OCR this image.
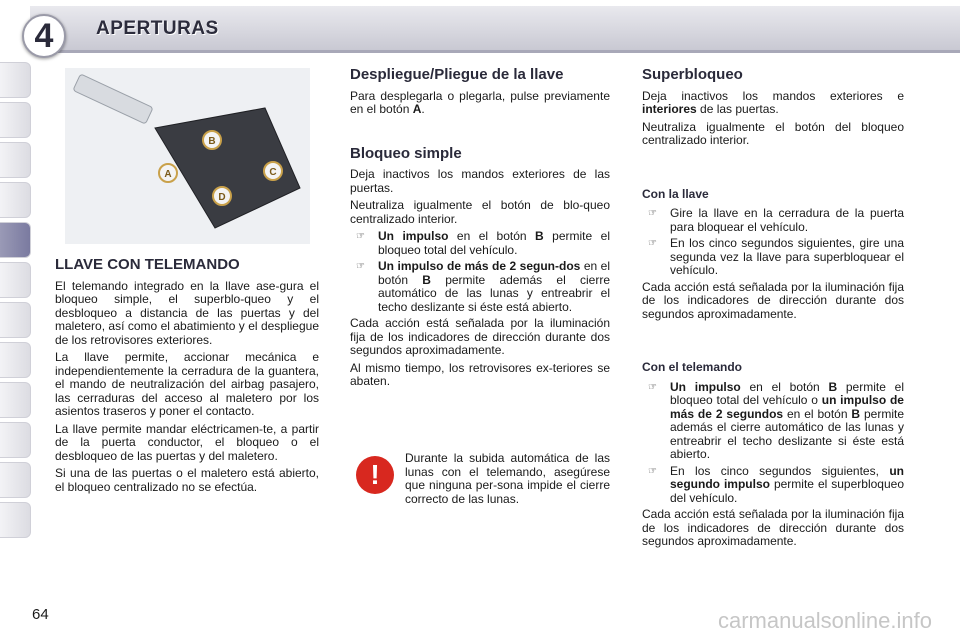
4	APERTURAS
B
A	C
D
LLAVE CON TELEMANDO

El telemando integrado en la llave ase-gura el bloqueo simple, el superblo-queo y el desbloqueo a distancia de las puertas y del maletero, así como el abatimiento y el despliegue de los retrovisores exteriores.

La llave permite, accionar mecánica e independientemente la cerradura de la guantera, el mando de neutralización del airbag pasajero, las cerraduras del acceso al maletero por los asientos traseros y poner el contacto.

La llave permite mandar eléctricamen-te, a partir de la puerta conductor, el bloqueo o el desbloqueo de las puertas y del maletero.

Si una de las puertas o el maletero está abierto, el bloqueo centralizado no se efectúa.

Despliegue/Pliegue de la llave

Para desplegarla o plegarla, pulse previamente en el botón A.

Bloqueo simple

Deja inactivos los mandos exteriores de las puertas.

Neutraliza igualmente el botón de blo-queo centralizado interior.

☞ Un impulso en el botón B permite el bloqueo total del vehículo.
☞ Un impulso de más de 2 segun-dos en el botón B permite además el cierre automático de las lunas y entreabrir el techo deslizante si éste está abierto.

Cada acción está señalada por la iluminación fija de los indicadores de dirección durante dos segundos aproximadamente.

Al mismo tiempo, los retrovisores ex-teriores se abaten.

!

Durante la subida automática de las lunas con el telemando, asegúrese que ninguna per-sona impide el cierre correcto de las lunas.

Superbloqueo

Deja inactivos los mandos exteriores e interiores de las puertas.

Neutraliza igualmente el botón del bloqueo centralizado interior.

Con la llave
☞ Gire la llave en la cerradura de la puerta para bloquear el vehículo.
☞ En los cinco segundos siguientes, gire una segunda vez la llave para superbloquear el vehículo.

Cada acción está señalada por la iluminación fija de los indicadores de dirección durante dos segundos aproximadamente.

Con el telemando
☞ Un impulso en el botón B permite el bloqueo total del vehículo o un impulso de más de 2 segundos en el botón B permite además el cierre automático de las lunas y entreabrir el techo deslizante si éste está abierto.
☞ En los cinco segundos siguientes, un segundo impulso permite el superbloqueo del vehículo.

Cada acción está señalada por la iluminación fija de los indicadores de dirección durante dos segundos aproximadamente.

64	carmanualsonline.info
